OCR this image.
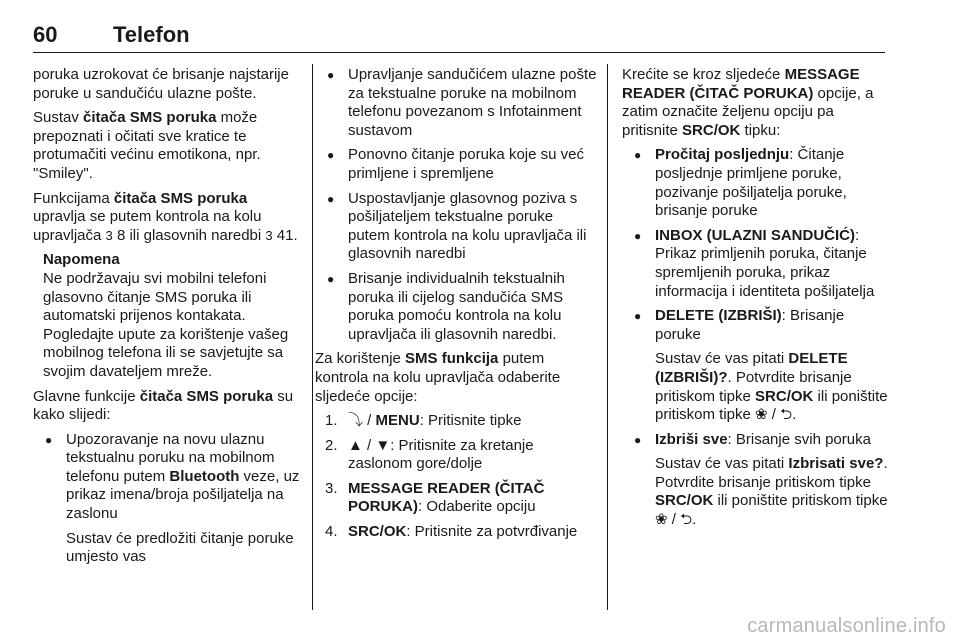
60	Telefon

poruka uzrokovat će brisanje najstarije poruke u sandučiću ulazne pošte.

Sustav čitača SMS poruka može prepoznati i očitati sve kratice te protumačiti većinu emotikona, npr. "Smiley".

Funkcijama čitača SMS poruka upravlja se putem kontrola na kolu upravljača 3 8 ili glasovnih naredbi 3 41.

Napomena
Ne podržavaju svi mobilni telefoni glasovno čitanje SMS poruka ili automatski prijenos kontakata. Pogledajte upute za korištenje vašeg mobilnog telefona ili se savjetujte sa svojim davateljem mreže.

Glavne funkcije čitača SMS poruka su kako slijedi:

● Upozoravanje na novu ulaznu tekstualnu poruku na mobilnom telefonu putem Bluetooth veze, uz prikaz imena/broja pošiljatelja na zaslonu
Sustav će predložiti čitanje poruke umjesto vas
● Upravljanje sandučićem ulazne pošte za tekstualne poruke na mobilnom telefonu povezanom s Infotainment sustavom
● Ponovno čitanje poruka koje su već primljene i spremljene
● Uspostavljanje glasovnog poziva s pošiljateljem tekstualne poruke putem kontrola na kolu upravljača ili glasovnih naredbi
● Brisanje individualnih tekstualnih poruka ili cijelog sandučića SMS poruka pomoću kontrola na kolu upravljača ili glasovnih naredbi.

Za korištenje SMS funkcija putem kontrola na kolu upravljača odaberite sljedeće opcije:

1. ⤵ / MENU: Pritisnite tipke
2. ▲ / ▼: Pritisnite za kretanje zaslonom gore/dolje
3. MESSAGE READER (ČITAČ PORUKA): Odaberite opciju
4. SRC/OK: Pritisnite za potvrđivanje

Krećite se kroz sljedeće MESSAGE READER (ČITAČ PORUKA) opcije, a zatim označite željenu opciju pa pritisnite SRC/OK tipku:

● Pročitaj posljednju: Čitanje posljednje primljene poruke, pozivanje pošiljatelja poruke, brisanje poruke
● INBOX (ULAZNI SANDUČIĆ): Prikaz primljenih poruka, čitanje spremljenih poruka, prikaz informacija i identiteta pošiljatelja
● DELETE (IZBRIŠI): Brisanje poruke
Sustav će vas pitati DELETE (IZBRIŠI)?. Potvrdite brisanje pritiskom tipke SRC/OK ili poništite pritiskom tipke ❀ / ⮌.
● Izbriši sve: Brisanje svih poruka
Sustav će vas pitati Izbrisati sve?. Potvrdite brisanje pritiskom tipke SRC/OK ili poništite pritiskom tipke ❀ / ⮌.
carmanualsonline.info
